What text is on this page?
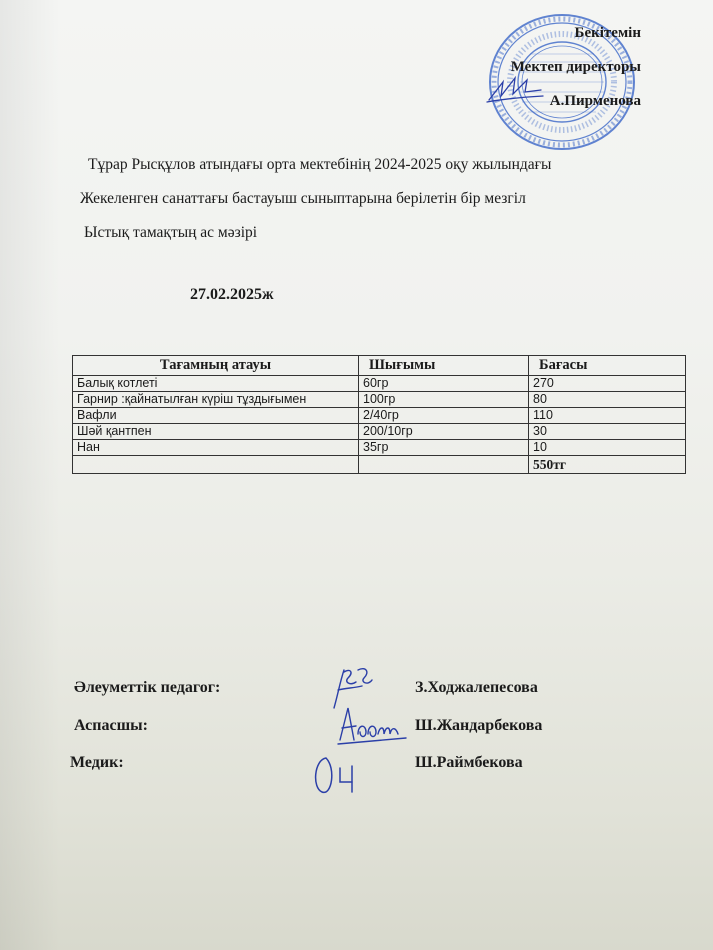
Бекітемін
Мектеп директоры
А.Пирменова
Тұрар Рысқұлов атындағы орта мектебінің 2024-2025 оқу жылындағы
Жекеленген санаттағы бастауыш сыныптарына берілетін бір мезгіл
Ыстық тамақтың ас мәзірі
27.02.2025ж
Тағамның атауы	Шығымы	Бағасы
Балық котлеті	60гр	270
Гарнир :қайнатылған күріш тұздығымен	100гр	80
Вафли	2/40гр	110
Шәй қантпен	200/10гр	30
Нан	35гр	10
		550тг
Әлеуметтік педагог:	З.Ходжалепесова
Аспасшы:	Ш.Жандарбекова
Медик:	Ш.Раймбекова
